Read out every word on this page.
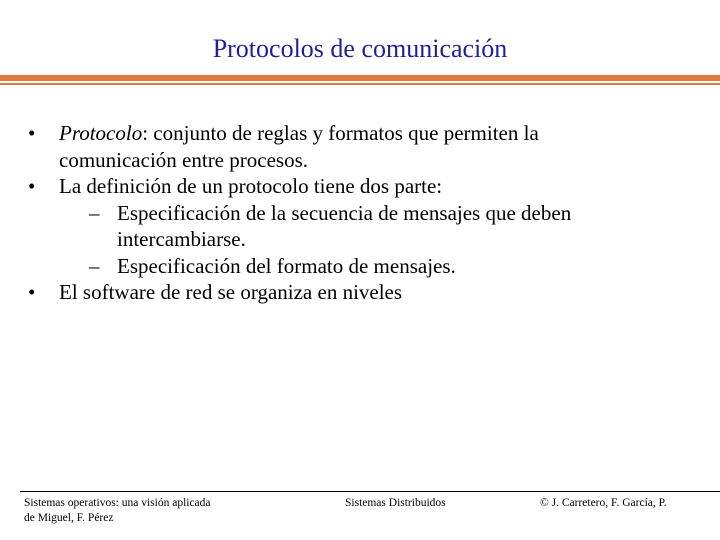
Protocolos de comunicación
• Protocolo: conjunto de reglas y formatos que permiten la
comunicación entre procesos.
• La definición de un protocolo tiene dos parte:
– Especificación de la secuencia de mensajes que deben
intercambiarse.
– Especificación del formato de mensajes.
• El software de red se organiza en niveles
Sistemas operativos: una visión aplicada
de Miguel, F. Pérez
Sistemas Distribuidos	© J. Carretero, F. García, P.
